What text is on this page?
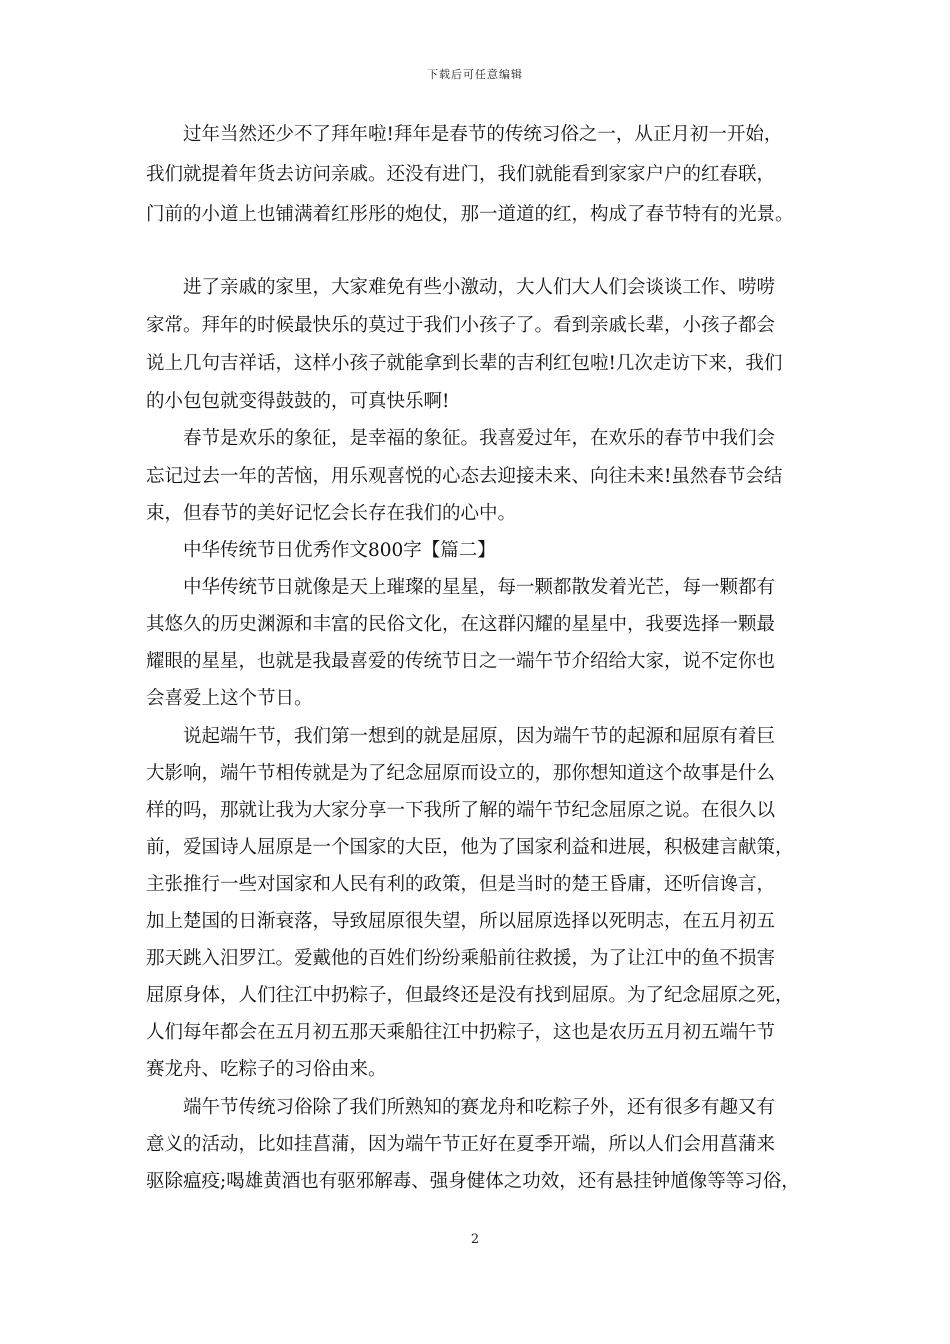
下载后可任意编辑
过年当然还少不了拜年啦!拜年是春节的传统习俗之一，从正月初一开始，
我们就提着年货去访问亲戚。还没有进门，我们就能看到家家户户的红春联，
门前的小道上也铺满着红彤彤的炮仗，那一道道的红，构成了春节特有的光景。
进了亲戚的家里，大家难免有些小激动，大人们大人们会谈谈工作、唠唠
家常。拜年的时候最快乐的莫过于我们小孩子了。看到亲戚长辈，小孩子都会
说上几句吉祥话，这样小孩子就能拿到长辈的吉利红包啦!几次走访下来，我们
的小包包就变得鼓鼓的，可真快乐啊!
春节是欢乐的象征，是幸福的象征。我喜爱过年，在欢乐的春节中我们会
忘记过去一年的苦恼，用乐观喜悦的心态去迎接未来、向往未来!虽然春节会结
束，但春节的美好记忆会长存在我们的心中。
中华传统节日优秀作文800字【篇二】
中华传统节日就像是天上璀璨的星星，每一颗都散发着光芒，每一颗都有
其悠久的历史渊源和丰富的民俗文化，在这群闪耀的星星中，我要选择一颗最
耀眼的星星，也就是我最喜爱的传统节日之一端午节介绍给大家，说不定你也
会喜爱上这个节日。
说起端午节，我们第一想到的就是屈原，因为端午节的起源和屈原有着巨
大影响，端午节相传就是为了纪念屈原而设立的，那你想知道这个故事是什么
样的吗，那就让我为大家分享一下我所了解的端午节纪念屈原之说。在很久以
前，爱国诗人屈原是一个国家的大臣，他为了国家利益和进展，积极建言献策，
主张推行一些对国家和人民有利的政策，但是当时的楚王昏庸，还听信谗言，
加上楚国的日渐衰落，导致屈原很失望，所以屈原选择以死明志，在五月初五
那天跳入汨罗江。爱戴他的百姓们纷纷乘船前往救援，为了让江中的鱼不损害
屈原身体，人们往江中扔粽子，但最终还是没有找到屈原。为了纪念屈原之死，
人们每年都会在五月初五那天乘船往江中扔粽子，这也是农历五月初五端午节
赛龙舟、吃粽子的习俗由来。
端午节传统习俗除了我们所熟知的赛龙舟和吃粽子外，还有很多有趣又有
意义的活动，比如挂菖蒲，因为端午节正好在夏季开端，所以人们会用菖蒲来
驱除瘟疫;喝雄黄酒也有驱邪解毒、强身健体之功效，还有悬挂钟馗像等等习俗，
2
